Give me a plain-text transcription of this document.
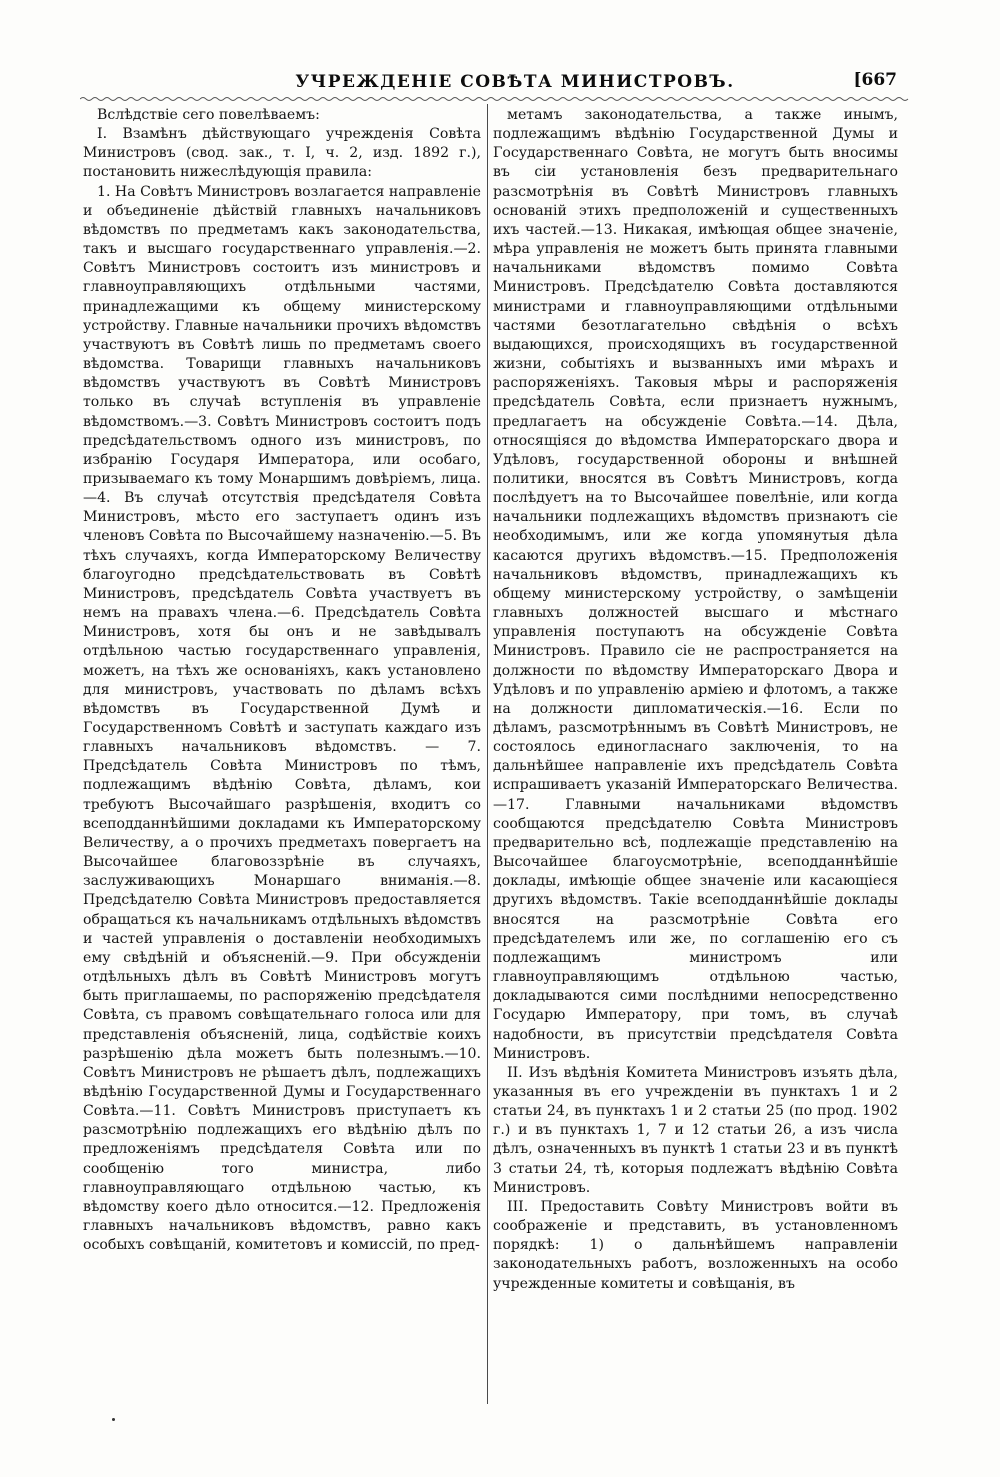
УЧРЕЖДЕНІЕ СОВѢТА МИНИСТРОВЪ.	[667

Вслѣдствіе сего повелѣваемъ:

I. Взамѣнъ дѣйствующаго учрежденія Совѣта Министровъ (свод. зак., т. I, ч. 2, изд. 1892 г.), постановить нижеслѣдующія правила:

1. На Совѣтъ Министровъ возлагается направленіе и объединеніе дѣйствій главныхъ начальниковъ вѣдомствъ по предметамъ какъ законодательства, такъ и высшаго государственнаго управленія.—2. Совѣтъ Министровъ состоитъ изъ министровъ и главноуправляющихъ отдѣльными частями, принадлежащими къ общему министерскому устройству. Главные начальники прочихъ вѣдомствъ участвуютъ въ Совѣтѣ лишь по предметамъ своего вѣдомства. Товарищи главныхъ начальниковъ вѣдомствъ участвуютъ въ Совѣтѣ Министровъ только въ случаѣ вступленія въ управленіе вѣдомствомъ.—3. Совѣтъ Министровъ состоитъ подъ предсѣдательствомъ одного изъ министровъ, по избранію Государя Императора, или особаго, призываемаго къ тому Монаршимъ довѣріемъ, лица.—4. Въ случаѣ отсутствія предсѣдателя Совѣта Министровъ, мѣсто его заступаетъ одинъ изъ членовъ Совѣта по Высочайшему назначенію.—5. Въ тѣхъ случаяхъ, когда Императорскому Величеству благоугодно предсѣдательствовать въ Совѣтѣ Министровъ, предсѣдатель Совѣта участвуетъ въ немъ на правахъ члена.—6. Предсѣдатель Совѣта Министровъ, хотя бы онъ и не завѣдывалъ отдѣльною частью государственнаго управленія, можетъ, на тѣхъ же основаніяхъ, какъ установлено для министровъ, участвовать по дѣламъ всѣхъ вѣдомствъ въ Государственной Думѣ и Государственномъ Совѣтѣ и заступать каждаго изъ главныхъ начальниковъ вѣдомствъ. — 7. Предсѣдатель Совѣта Министровъ по тѣмъ, подлежащимъ вѣдѣнію Совѣта, дѣламъ, кои требуютъ Высочайшаго разрѣшенія, входитъ со всеподданнѣйшими докладами къ Императорскому Величеству, а о прочихъ предметахъ повергаетъ на Высочайшее благовоззрѣніе въ случаяхъ, заслуживающихъ Монаршаго вниманія.—8. Предсѣдателю Совѣта Министровъ предоставляется обращаться къ начальникамъ отдѣльныхъ вѣдомствъ и частей управленія о доставленіи необходимыхъ ему свѣдѣній и объясненій.—9. При обсужденіи отдѣльныхъ дѣлъ въ Совѣтѣ Министровъ могутъ быть приглашаемы, по распоряженію предсѣдателя Совѣта, съ правомъ совѣщательнаго голоса или для представленія объясненій, лица, содѣйствіе коихъ разрѣшенію дѣла можетъ быть полезнымъ.—10. Совѣтъ Министровъ не рѣшаетъ дѣлъ, подлежащихъ вѣдѣнію Государственной Думы и Государственнаго Совѣта.—11. Совѣтъ Министровъ приступаетъ къ разсмотрѣнію подлежащихъ его вѣдѣнію дѣлъ по предложеніямъ предсѣдателя Совѣта или по сообщенію того министра, либо главноуправляющаго отдѣльною частью, къ вѣдомству коего дѣло относится.—12. Предложенія главныхъ начальниковъ вѣдомствъ, равно какъ особыхъ совѣщаній, комитетовъ и комиссій, по пред-

метамъ законодательства, а также инымъ, подлежащимъ вѣдѣнію Государственной Думы и Государственнаго Совѣта, не могутъ быть вносимы въ сіи установленія безъ предварительнаго разсмотрѣнія въ Совѣтѣ Министровъ главныхъ основаній этихъ предположеній и существенныхъ ихъ частей.—13. Никакая, имѣющая общее значеніе, мѣра управленія не можетъ быть принята главными начальниками вѣдомствъ помимо Совѣта Министровъ. Предсѣдателю Совѣта доставляются министрами и главноуправляющими отдѣльными частями безотлагательно свѣдѣнія о всѣхъ выдающихся, происходящихъ въ государственной жизни, событіяхъ и вызванныхъ ими мѣрахъ и распоряженіяхъ. Таковыя мѣры и распоряженія предсѣдатель Совѣта, если признаетъ нужнымъ, предлагаетъ на обсужденіе Совѣта.—14. Дѣла, относящіяся до вѣдомства Императорскаго двора и Удѣловъ, государственной обороны и внѣшней политики, вносятся въ Совѣтъ Министровъ, когда послѣдуетъ на то Высочайшее повелѣніе, или когда начальники подлежащихъ вѣдомствъ признаютъ сіе необходимымъ, или же когда упомянутыя дѣла касаются другихъ вѣдомствъ.—15. Предположенія начальниковъ вѣдомствъ, принадлежащихъ къ общему министерскому устройству, о замѣщеніи главныхъ должностей высшаго и мѣстнаго управленія поступаютъ на обсужденіе Совѣта Министровъ. Правило сіе не распространяется на должности по вѣдомству Императорскаго Двора и Удѣловъ и по управленію арміею и флотомъ, а также на должности дипломатическія.—16. Если по дѣламъ, разсмотрѣннымъ въ Совѣтѣ Министровъ, не состоялось единогласнаго заключенія, то на дальнѣйшее направленіе ихъ предсѣдатель Совѣта испрашиваетъ указаній Императорскаго Величества.—17. Главными начальниками вѣдомствъ сообщаются предсѣдателю Совѣта Министровъ предварительно всѣ, подлежащіе представленію на Высочайшее благоусмотрѣніе, всеподданнѣйшіе доклады, имѣющіе общее значеніе или касающіеся другихъ вѣдомствъ. Такіе всеподданнѣйшіе доклады вносятся на разсмотрѣніе Совѣта его предсѣдателемъ или же, по соглашенію его съ подлежащимъ министромъ или главноуправляющимъ отдѣльною частью, докладываются сими послѣдними непосредственно Государю Императору, при томъ, въ случаѣ надобности, въ присутствіи предсѣдателя Совѣта Министровъ.

II. Изъ вѣдѣнія Комитета Министровъ изъять дѣла, указанныя въ его учрежденіи въ пунктахъ 1 и 2 статьи 24, въ пунктахъ 1 и 2 статьи 25 (по прод. 1902 г.) и въ пунктахъ 1, 7 и 12 статьи 26, а изъ числа дѣлъ, означенныхъ въ пунктѣ 1 статьи 23 и въ пунктѣ 3 статьи 24, тѣ, которыя подлежатъ вѣдѣнію Совѣта Министровъ.

III. Предоставить Совѣту Министровъ войти въ соображеніе и представить, въ установленномъ порядкѣ: 1) о дальнѣйшемъ направленіи законодательныхъ работъ, возложенныхъ на особо учрежденные комитеты и совѣщанія, въ
